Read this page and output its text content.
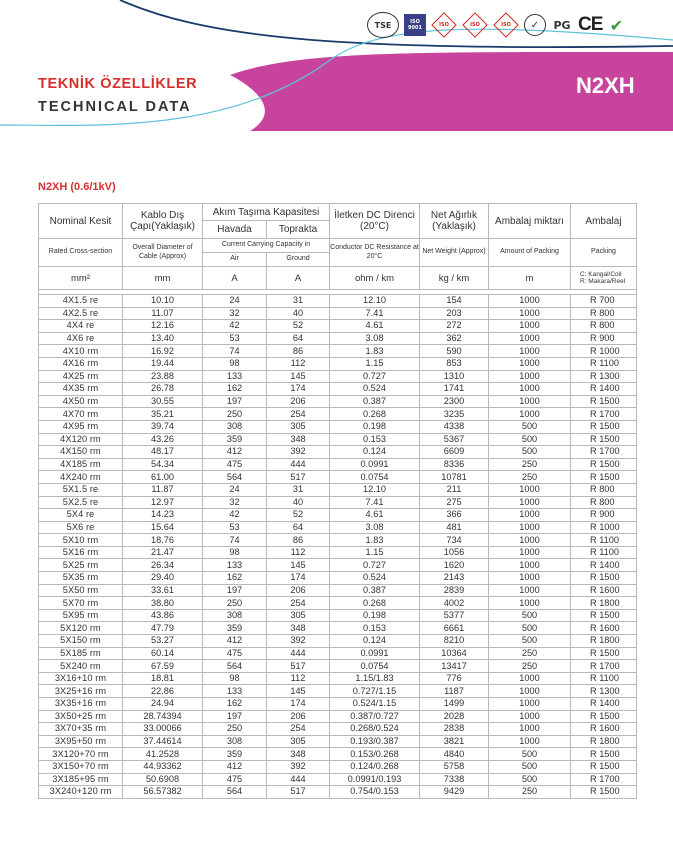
TSE	ISO 9001	ISO	ISO	ISO ✓ PG CE ✔
TEKNİK ÖZELLİKLER
TECHNICAL DATA
N2XH
N2XH (0.6/1kV)
Nominal Kesit	Kablo Dış Çapı(Yaklaşık)	Akım Taşıma Kapasitesi		İletken DC Direnci (20°C)	Net Ağırlık (Yaklaşık)	Ambalaj miktarı	Ambalaj
		Havada	Toprakta				
Rated Cross-section	Overall Diameter of Cable (Approx)	Current Carrying Capacity in		Conductor DC Resistance at 20°C	Net Weight (Approx)	Amount of Packing	Packing
		Air	Ground				
mm²	mm	A	A	ohm / km	kg / km	m	C: Kangal/Coil
R: Makara/Reel

4X1.5 re	10.10	24	31	12.10	154	1000	R 700
4X2.5 re	11.07	32	40	7.41	203	1000	R 800
4X4 re	12.16	42	52	4.61	272	1000	R 800
4X6 re	13.40	53	64	3.08	362	1000	R 900
4X10 rm	16.92	74	86	1.83	590	1000	R 1000
4X16 rm	19.44	98	112	1.15	853	1000	R 1100
4X25 rm	23.88	133	145	0.727	1310	1000	R 1300
4X35 rm	26.78	162	174	0.524	1741	1000	R 1400
4X50 rm	30.55	197	206	0.387	2300	1000	R 1500
4X70 rm	35.21	250	254	0.268	3235	1000	R 1700
4X95 rm	39.74	308	305	0.198	4338	500	R 1500
4X120 rm	43.26	359	348	0.153	5367	500	R 1500
4X150 rm	48.17	412	392	0.124	6609	500	R 1700
4X185 rm	54.34	475	444	0.0991	8336	250	R 1500
4X240 rm	61.00	564	517	0.0754	10781	250	R 1500
5X1.5 re	11.87	24	31	12.10	211	1000	R 800
5X2.5 re	12.97	32	40	7.41	275	1000	R 800
5X4 re	14.23	42	52	4.61	366	1000	R 900
5X6 re	15.64	53	64	3.08	481	1000	R 1000
5X10 rm	18.76	74	86	1.83	734	1000	R 1100
5X16 rm	21.47	98	112	1.15	1056	1000	R 1100
5X25 rm	26.34	133	145	0.727	1620	1000	R 1400
5X35 rm	29.40	162	174	0.524	2143	1000	R 1500
5X50 rm	33.61	197	206	0.387	2839	1000	R 1600
5X70 rm	38.80	250	254	0.268	4002	1000	R 1800
5X95 rm	43.86	308	305	0.198	5377	500	R 1500
5X120 rm	47.79	359	348	0.153	6661	500	R 1600
5X150 rm	53.27	412	392	0.124	8210	500	R 1800
5X185 rm	60.14	475	444	0.0991	10364	250	R 1500
5X240 rm	67.59	564	517	0.0754	13417	250	R 1700
3X16+10 rm	18.81	98	112	1.15/1.83	776	1000	R 1100
3X25+16 rm	22.86	133	145	0.727/1.15	1187	1000	R 1300
3X35+16 rm	24.94	162	174	0.524/1.15	1499	1000	R 1400
3X50+25 rm	28.74394	197	206	0.387/0.727	2028	1000	R 1500
3X70+35 rm	33.00066	250	254	0.268/0.524	2838	1000	R 1600
3X95+50 rm	37.44614	308	305	0.193/0.387	3821	1000	R 1800
3X120+70 rm	41.2528	359	348	0.153/0.268	4840	500	R 1500
3X150+70 rm	44.93362	412	392	0.124/0.268	5758	500	R 1500
3X185+95 rm	50.6908	475	444	0.0991/0.193	7338	500	R 1700
3X240+120 rm	56.57382	564	517	0.754/0.153	9429	250	R 1500
